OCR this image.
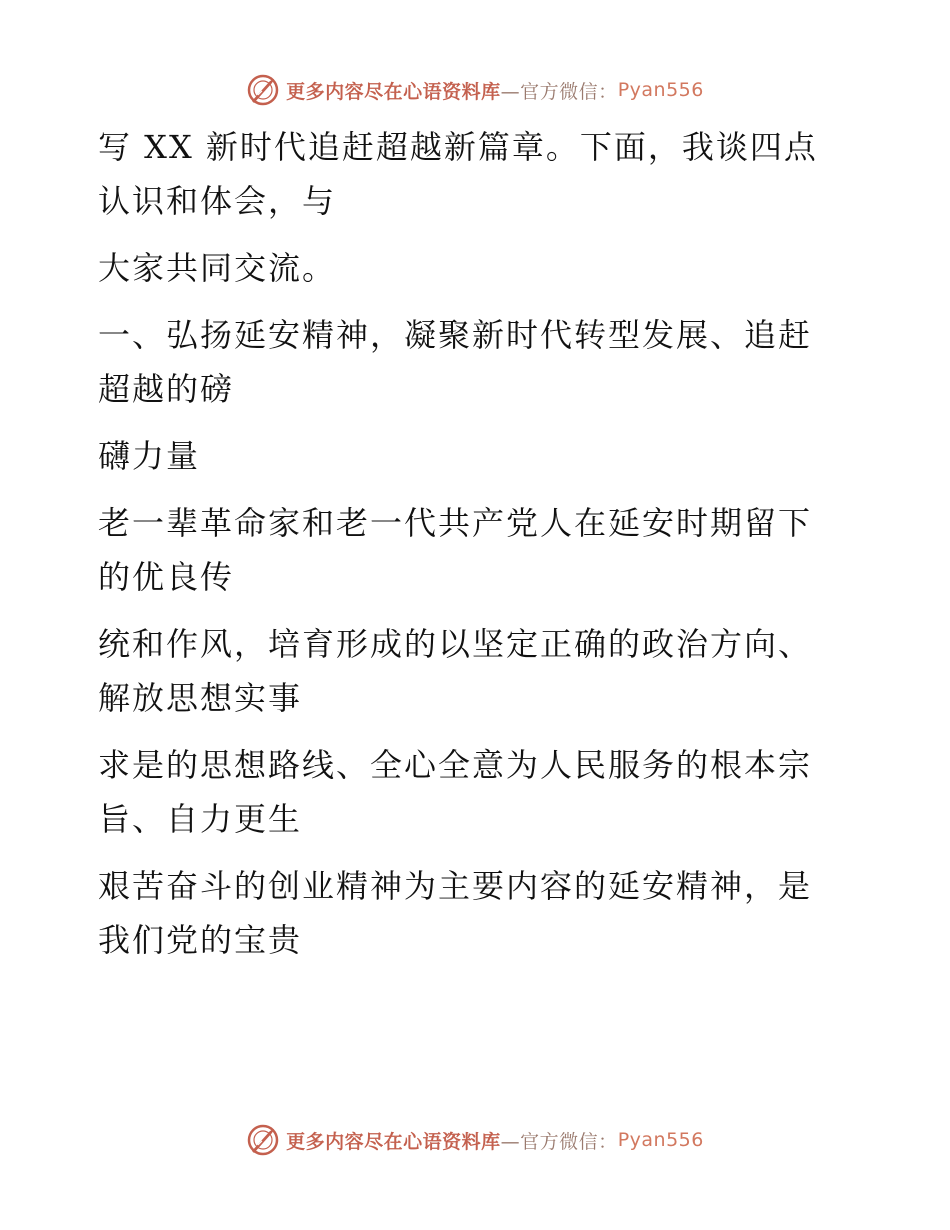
更多内容尽在心语资料库 —官方微信： Pyan556

写 XX 新时代追赶超越新篇章。下面，我谈四点认识和体会，与

大家共同交流。

一、弘扬延安精神，凝聚新时代转型发展、追赶超越的磅

礴力量

老一辈革命家和老一代共产党人在延安时期留下的优良传

统和作风，培育形成的以坚定正确的政治方向、解放思想实事

求是的思想路线、全心全意为人民服务的根本宗旨、自力更生

艰苦奋斗的创业精神为主要内容的延安精神，是我们党的宝贵

更多内容尽在心语资料库 —官方微信： Pyan556
